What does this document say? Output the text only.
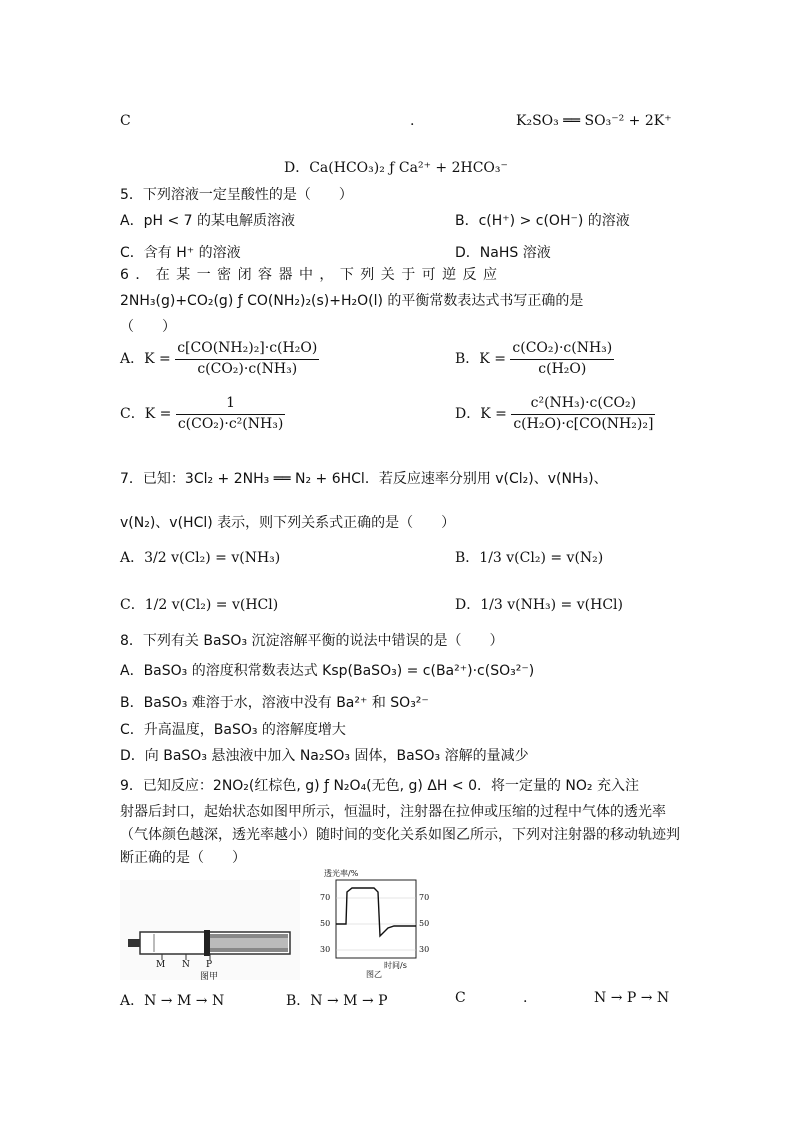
C	.	K₂SO₃ ══ SO₃⁻² + 2K⁺
D．Ca(HCO₃)₂ ƒ Ca²⁺ + 2HCO₃⁻
5．下列溶液一定呈酸性的是（　　）
A．pH < 7 的某电解质溶液	B．c(H⁺) > c(OH⁻) 的溶液
C．含有 H⁺ 的溶液	D．NaHS 溶液
6 ． 在 某 一 密 闭 容 器 中 ， 下 列 关 于 可 逆 反 应
2NH₃(g)+CO₂(g) ƒ CO(NH₂)₂(s)+H₂O(l) 的平衡常数表达式书写正确的是
（　　）
A．$K = \frac{\text{c[CO(NH₂)₂]·c(H₂O)}}{\text{c(CO₂)·c(NH₃)}}$	B．$K = \frac{\text{c(CO₂)·c(NH₃)}}{\text{c(H₂O)}}$
C．$K = \frac{1}{\text{c(CO₂)·c²(NH₃)}}$	D．$K = \frac{\text{c²(NH₃)·c(CO₂)}}{\text{c(H₂O)·c[CO(NH₂)₂]}}$
7．已知：3Cl₂ + 2NH₃ ══ N₂ + 6HCl．若反应速率分别用 v(Cl₂)、v(NH₃)、
v(N₂)、v(HCl) 表示，则下列关系式正确的是（　　）
A．3/2 v(Cl₂) = v(NH₃)	B．1/3 v(Cl₂) = v(N₂)
C．1/2 v(Cl₂) = v(HCl)	D．1/3 v(NH₃) = v(HCl)
8．下列有关 BaSO₃ 沉淀溶解平衡的说法中错误的是（　　）
A．BaSO₃ 的溶度积常数表达式 Ksp(BaSO₃) = c(Ba²⁺)·c(SO₃²⁻)
B．BaSO₃ 难溶于水，溶液中没有 Ba²⁺ 和 SO₃²⁻
C．升高温度，BaSO₃ 的溶解度增大
D．向 BaSO₃ 悬浊液中加入 Na₂SO₃ 固体，BaSO₃ 溶解的量减少
9．已知反应：2NO₂(红棕色, g) ƒ N₂O₄(无色, g) ΔH < 0．将一定量的 NO₂ 充入注
射器后封口，起始状态如图甲所示，恒温时，注射器在拉伸或压缩的过程中气体的透光率
（气体颜色越深，透光率越小）随时间的变化关系如图乙所示，下列对注射器的移动轨迹判
断正确的是（　　）
M N P
图甲
透光率/%
70
50
30
70
50
30
时间/s
图乙
A．N → M → N	B．N → M → P	C	.	N → P → N
